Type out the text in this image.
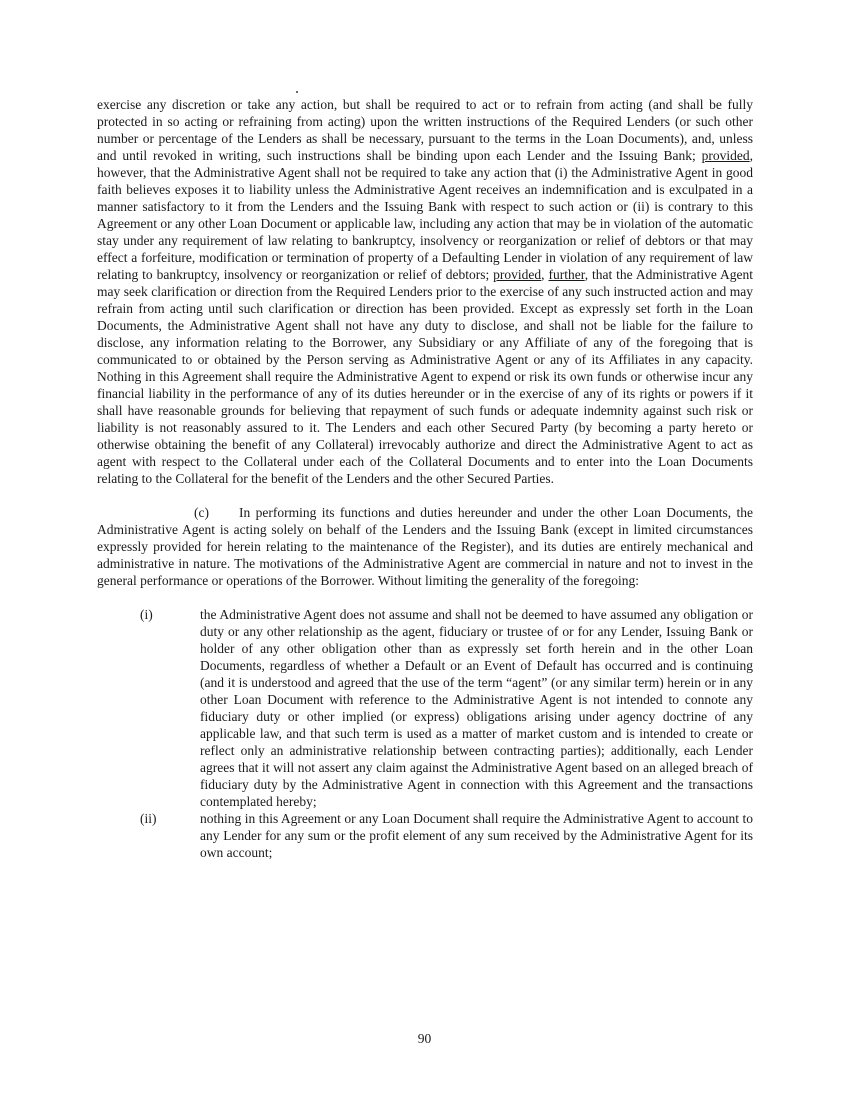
exercise any discretion or take any action, but shall be required to act or to refrain from acting (and shall be fully protected in so acting or refraining from acting) upon the written instructions of the Required Lenders (or such other number or percentage of the Lenders as shall be necessary, pursuant to the terms in the Loan Documents), and, unless and until revoked in writing, such instructions shall be binding upon each Lender and the Issuing Bank; provided, however, that the Administrative Agent shall not be required to take any action that (i) the Administrative Agent in good faith believes exposes it to liability unless the Administrative Agent receives an indemnification and is exculpated in a manner satisfactory to it from the Lenders and the Issuing Bank with respect to such action or (ii) is contrary to this Agreement or any other Loan Document or applicable law, including any action that may be in violation of the automatic stay under any requirement of law relating to bankruptcy, insolvency or reorganization or relief of debtors or that may effect a forfeiture, modification or termination of property of a Defaulting Lender in violation of any requirement of law relating to bankruptcy, insolvency or reorganization or relief of debtors; provided, further, that the Administrative Agent may seek clarification or direction from the Required Lenders prior to the exercise of any such instructed action and may refrain from acting until such clarification or direction has been provided. Except as expressly set forth in the Loan Documents, the Administrative Agent shall not have any duty to disclose, and shall not be liable for the failure to disclose, any information relating to the Borrower, any Subsidiary or any Affiliate of any of the foregoing that is communicated to or obtained by the Person serving as Administrative Agent or any of its Affiliates in any capacity. Nothing in this Agreement shall require the Administrative Agent to expend or risk its own funds or otherwise incur any financial liability in the performance of any of its duties hereunder or in the exercise of any of its rights or powers if it shall have reasonable grounds for believing that repayment of such funds or adequate indemnity against such risk or liability is not reasonably assured to it. The Lenders and each other Secured Party (by becoming a party hereto or otherwise obtaining the benefit of any Collateral) irrevocably authorize and direct the Administrative Agent to act as agent with respect to the Collateral under each of the Collateral Documents and to enter into the Loan Documents relating to the Collateral for the benefit of the Lenders and the other Secured Parties.

(c) In performing its functions and duties hereunder and under the other Loan Documents, the Administrative Agent is acting solely on behalf of the Lenders and the Issuing Bank (except in limited circumstances expressly provided for herein relating to the maintenance of the Register), and its duties are entirely mechanical and administrative in nature. The motivations of the Administrative Agent are commercial in nature and not to invest in the general performance or operations of the Borrower. Without limiting the generality of the foregoing:

(i)	the Administrative Agent does not assume and shall not be deemed to have assumed any obligation or duty or any other relationship as the agent, fiduciary or trustee of or for any Lender, Issuing Bank or holder of any other obligation other than as expressly set forth herein and in the other Loan Documents, regardless of whether a Default or an Event of Default has occurred and is continuing (and it is understood and agreed that the use of the term “agent” (or any similar term) herein or in any other Loan Document with reference to the Administrative Agent is not intended to connote any fiduciary duty or other implied (or express) obligations arising under agency doctrine of any applicable law, and that such term is used as a matter of market custom and is intended to create or reflect only an administrative relationship between contracting parties); additionally, each Lender agrees that it will not assert any claim against the Administrative Agent based on an alleged breach of fiduciary duty by the Administrative Agent in connection with this Agreement and the transactions contemplated hereby;
(ii)	nothing in this Agreement or any Loan Document shall require the Administrative Agent to account to any Lender for any sum or the profit element of any sum received by the Administrative Agent for its own account;
90
